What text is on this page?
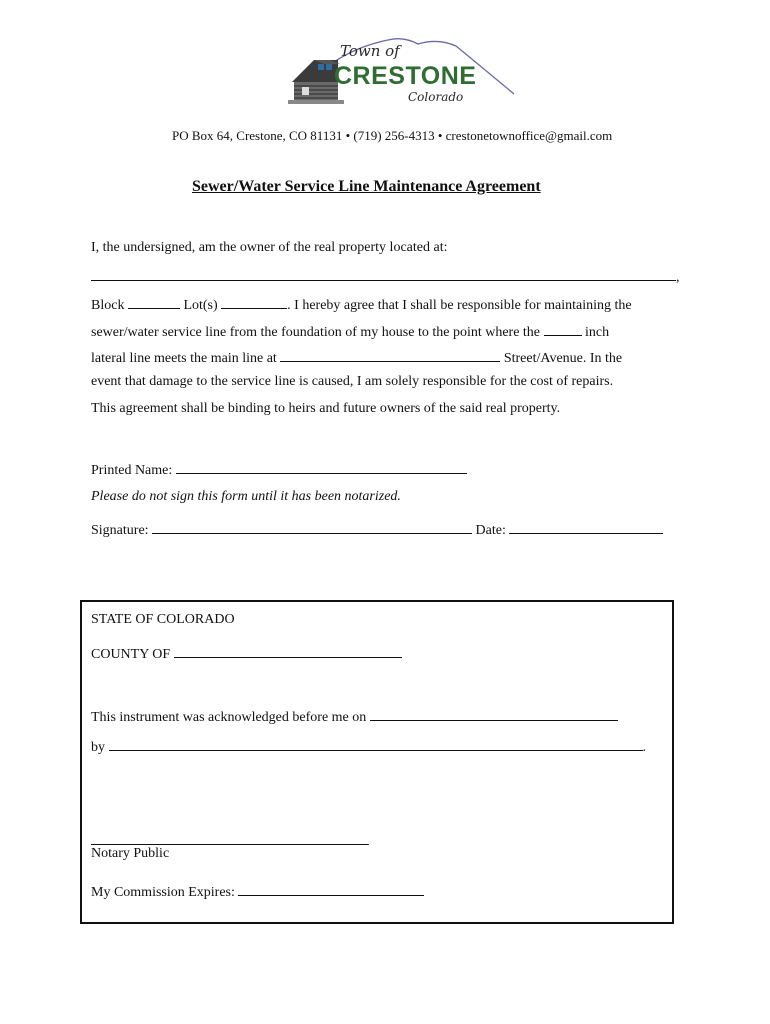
Town of
CRESTONE
Colorado
PO Box 64, Crestone, CO 81131 • (719) 256-4313 • crestonetownoffice@gmail.com
Sewer/Water Service Line Maintenance Agreement
I, the undersigned, am the owner of the real property located at:
,
Block	Lot(s)	. I hereby agree that I shall be responsible for maintaining the
sewer/water service line from the foundation of my house to the point where the	inch
lateral line meets the main line at	Street/Avenue. In the
event that damage to the service line is caused, I am solely responsible for the cost of repairs.
This agreement shall be binding to heirs and future owners of the said real property.
Printed Name:
Please do not sign this form until it has been notarized.
Signature:	Date:
STATE OF COLORADO
COUNTY OF
This instrument was acknowledged before me on
by	.
Notary Public
My Commission Expires:
